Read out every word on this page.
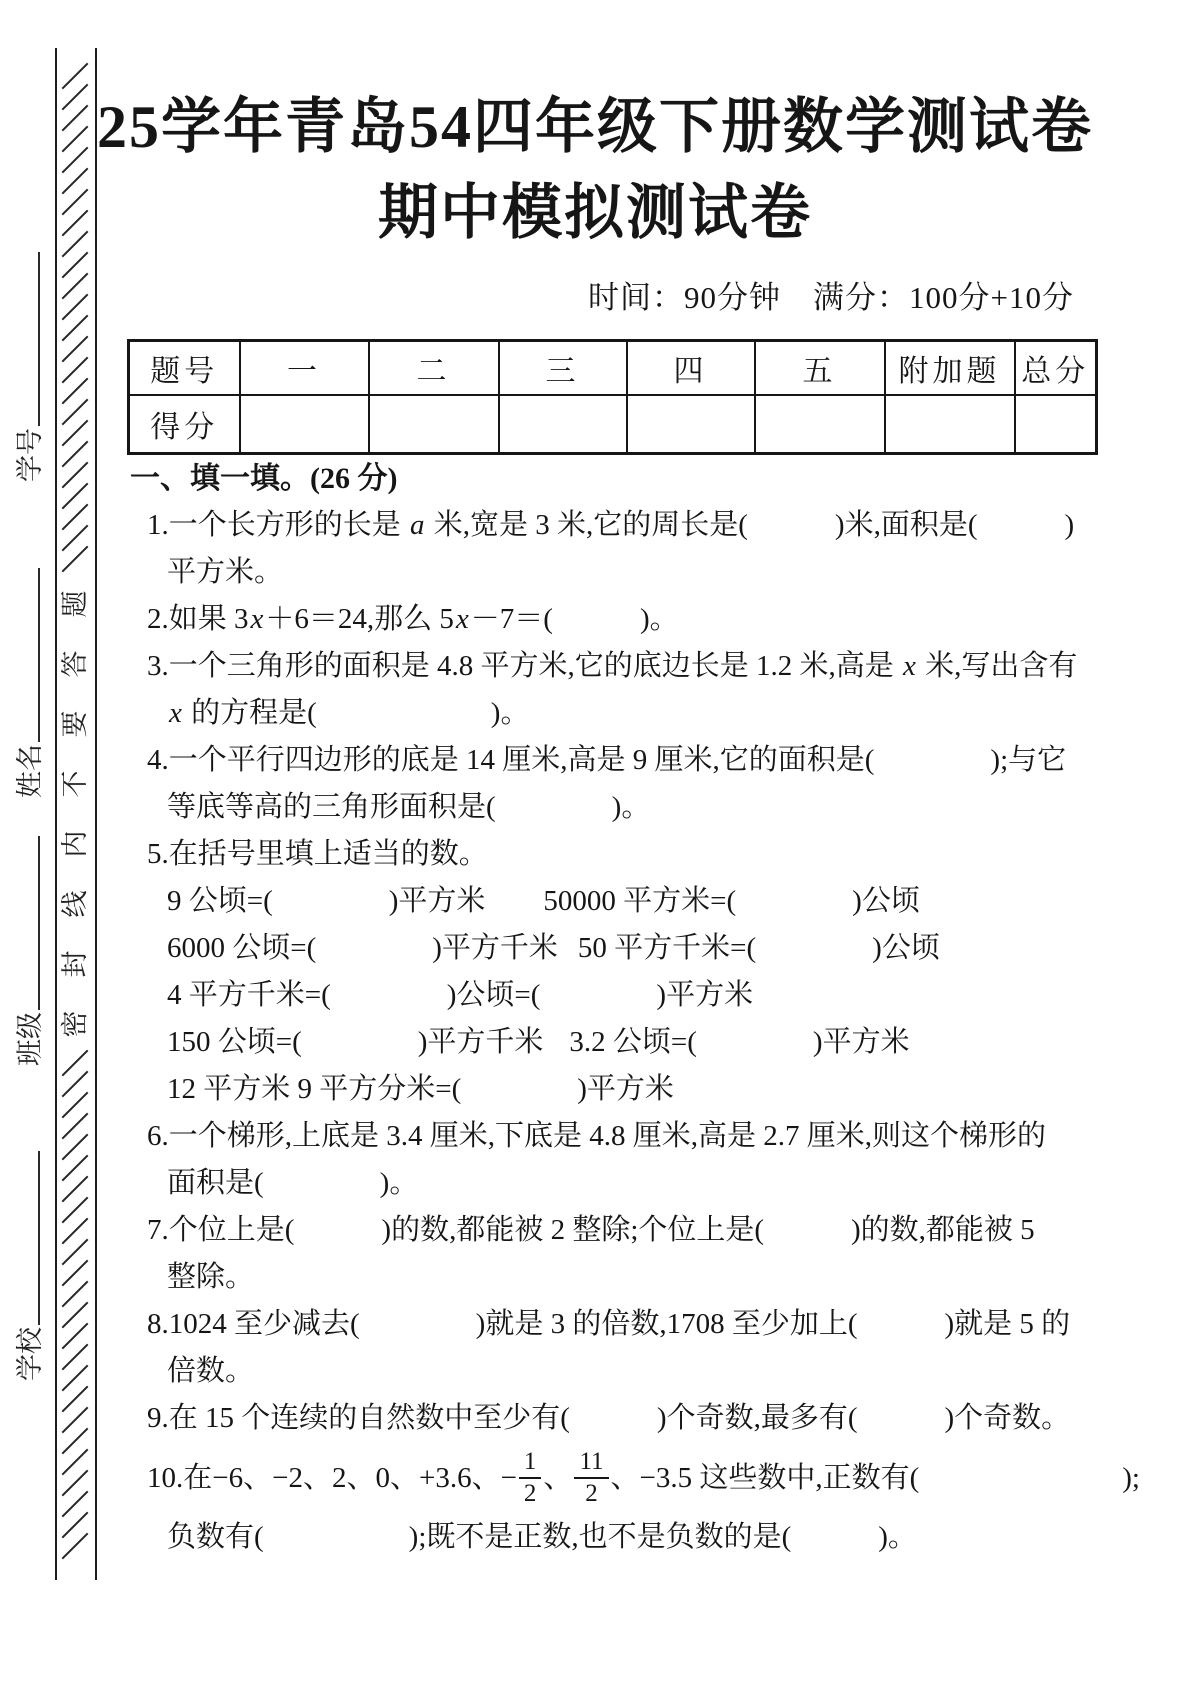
题
答
要
不
内
线
封
密
学号
姓名
班级
学校
25学年青岛54四年级下册数学测试卷
期中模拟测试卷
时间：90分钟　满分：100分+10分
题号	一	二	三	四	五	附加题	总分
得分							
一、填一填。(26 分)
1.一个长方形的长是 a 米,宽是 3 米,它的周长是(　　　)米,面积是(　　　)
平方米。
2.如果 3x＋6＝24,那么 5x－7＝(　　　)。
3.一个三角形的面积是 4.8 平方米,它的底边长是 1.2 米,高是 x 米,写出含有
x 的方程是(　　　　　　)。
4.一个平行四边形的底是 14 厘米,高是 9 厘米,它的面积是(　　　　);与它
等底等高的三角形面积是(　　　　)。
5.在括号里填上适当的数。
9 公顷=(　　　　)平方米 50000 平方米=(　　　　)公顷
6000 公顷=(　　　　)平方千米 50 平方千米=(　　　　)公顷
4 平方千米=(　　　　)公顷=(　　　　)平方米
150 公顷=(　　　　)平方千米 3.2 公顷=(　　　　)平方米
12 平方米 9 平方分米=(　　　　)平方米
6.一个梯形,上底是 3.4 厘米,下底是 4.8 厘米,高是 2.7 厘米,则这个梯形的
面积是(　　　　)。
7.个位上是(　　　)的数,都能被 2 整除;个位上是(　　　)的数,都能被 5
整除。
8.1024 至少减去(　　　　)就是 3 的倍数,1708 至少加上(　　　)就是 5 的
倍数。
9.在 15 个连续的自然数中至少有(　　　)个奇数,最多有(　　　)个奇数。
10.在−6、−2、2、0、+3.6、− $\frac{1}{2}$ 、 $\frac{11}{2}$ 、−3.5 这些数中,正数有(　　　　　　　);
负数有(　　　　　);既不是正数,也不是负数的是(　　　)。
